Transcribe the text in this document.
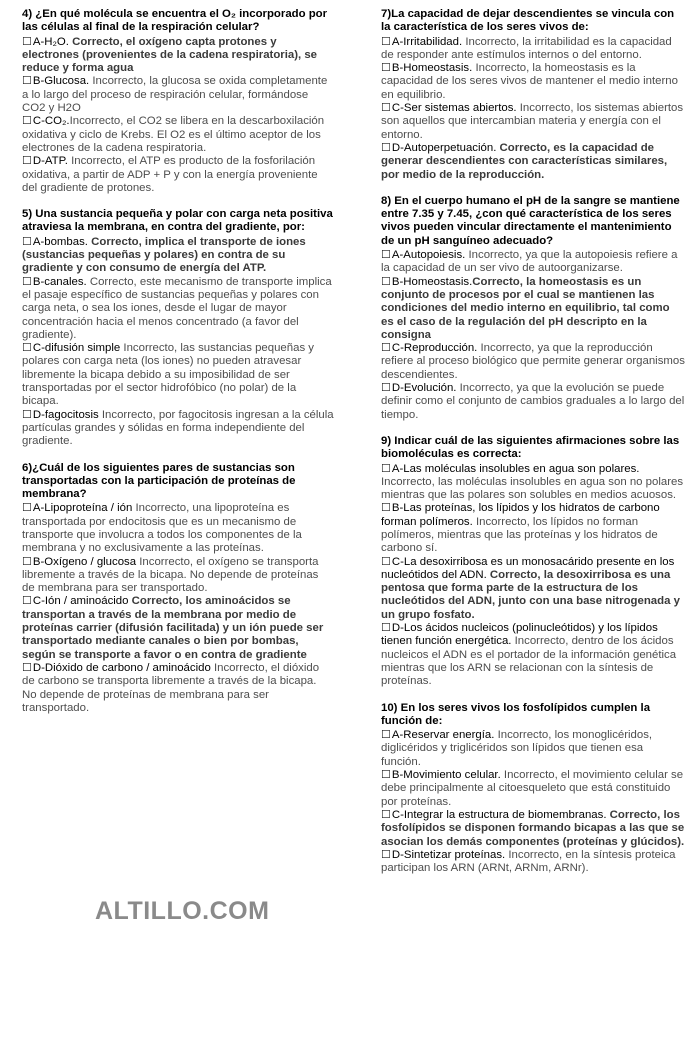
4) ¿En qué molécula se encuentra el O₂ incorporado por las células al final de la respiración celular?
☐A-H₂O. Correcto, el oxígeno capta protones y electrones (provenientes de la cadena respiratoria), se reduce y forma agua
☐B-Glucosa. Incorrecto, la glucosa se oxida completamente a lo largo del proceso de respiración celular, formándose CO2 y H2O
☐C-CO₂.Incorrecto, el CO2 se libera en la descarboxilación oxidativa y ciclo de Krebs. El O2 es el último aceptor de los electrones de la cadena respiratoria.
☐D-ATP. Incorrecto, el ATP es producto de la fosforilación oxidativa, a partir de ADP + P y con la energía proveniente del gradiente de protones.
5) Una sustancia pequeña y polar con carga neta positiva atraviesa la membrana, en contra del gradiente, por:
☐A-bombas. Correcto, implica el transporte de iones (sustancias pequeñas y polares) en contra de su gradiente y con consumo de energía del ATP.
☐B-canales. Correcto, este mecanismo de transporte implica el pasaje específico de sustancias pequeñas y polares con carga neta, o sea los iones, desde el lugar de mayor concentración hacia el menos concentrado (a favor del gradiente).
☐C-difusión simple Incorrecto, las sustancias pequeñas y polares con carga neta (los iones) no pueden atravesar libremente la bicapa debido a su imposibilidad de ser transportadas por el sector hidrofóbico (no polar) de la bicapa.
☐D-fagocitosis Incorrecto, por fagocitosis ingresan a la célula partículas grandes y sólidas en forma independiente del gradiente.
6)¿Cuál de los siguientes pares de sustancias son transportadas con la participación de proteínas de membrana?
☐A-Lipoproteína / ión Incorrecto, una lipoproteína es transportada por endocitosis que es un mecanismo de transporte que involucra a todos los componentes de la membrana y no exclusivamente a las proteínas.
☐B-Oxígeno / glucosa Incorrecto, el oxígeno se transporta libremente a través de la bicapa. No depende de proteínas de membrana para ser transportado.
☐C-Ión / aminoácido Correcto, los aminoácidos se transportan a través de la membrana por medio de proteínas carrier (difusión facilitada) y un ión puede ser transportado mediante canales o bien por bombas, según se transporte a favor o en contra de gradiente
☐D-Dióxido de carbono / aminoácido Incorrecto, el dióxido de carbono se transporta libremente a través de la bicapa. No depende de proteínas de membrana para ser transportado.
7)La capacidad de dejar descendientes se vincula con la característica de los seres vivos de:
☐A-Irritabilidad. Incorrecto, la irritabilidad es la capacidad de responder ante estímulos internos o del entorno.
☐B-Homeostasis. Incorrecto, la homeostasis es la capacidad de los seres vivos de mantener el medio interno en equilibrio.
☐C-Ser sistemas abiertos. Incorrecto, los sistemas abiertos son aquellos que intercambian materia y energía con el entorno.
☐D-Autoperpetuación. Correcto, es la capacidad de generar descendientes con características similares, por medio de la reproducción.
8) En el cuerpo humano el pH de la sangre se mantiene entre 7.35 y 7.45, ¿con qué característica de los seres vivos pueden vincular directamente el mantenimiento de un pH sanguíneo adecuado?
☐A-Autopoiesis. Incorrecto, ya que la autopoiesis refiere a la capacidad de un ser vivo de autoorganizarse.
☐B-Homeostasis.Correcto, la homeostasis es un conjunto de procesos por el cual se mantienen las condiciones del medio interno en equilibrio, tal como es el caso de la regulación del pH descripto en la consigna
☐C-Reproducción. Incorrecto, ya que la reproducción refiere al proceso biológico que permite generar organismos descendientes.
☐D-Evolución. Incorrecto, ya que la evolución se puede definir como el conjunto de cambios graduales a lo largo del tiempo.
9) Indicar cuál de las siguientes afirmaciones sobre las biomoléculas es correcta:
☐A-Las moléculas insolubles en agua son polares. Incorrecto, las moléculas insolubles en agua son no polares mientras que las polares son solubles en medios acuosos.
☐B-Las proteínas, los lípidos y los hidratos de carbono forman polímeros. Incorrecto, los lípidos no forman polímeros, mientras que las proteínas y los hidratos de carbono sí.
☐C-La desoxirribosa es un monosacárido presente en los nucleótidos del ADN. Correcto, la desoxirribosa es una pentosa que forma parte de la estructura de los nucleótidos del ADN, junto con una base nitrogenada y un grupo fosfato.
☐D-Los ácidos nucleicos (polinucleótidos) y los lípidos tienen función energética. Incorrecto, dentro de los ácidos nucleicos el ADN es el portador de la información genética mientras que los ARN se relacionan con la síntesis de proteínas.
10) En los seres vivos los fosfolípidos cumplen la función de:
☐A-Reservar energía. Incorrecto, los monoglicéridos, diglicéridos y triglicéridos son lípidos que tienen esa función.
☐B-Movimiento celular. Incorrecto, el movimiento celular se debe principalmente al citoesqueleto que está constituido por proteínas.
☐C-Integrar la estructura de biomembranas. Correcto, los fosfolípidos se disponen formando bicapas a las que se asocian los demás componentes (proteínas y glúcidos).
☐D-Sintetizar proteínas. Incorrecto, en la síntesis proteica participan los ARN (ARNt, ARNm, ARNr).
ALTILLO.COM
